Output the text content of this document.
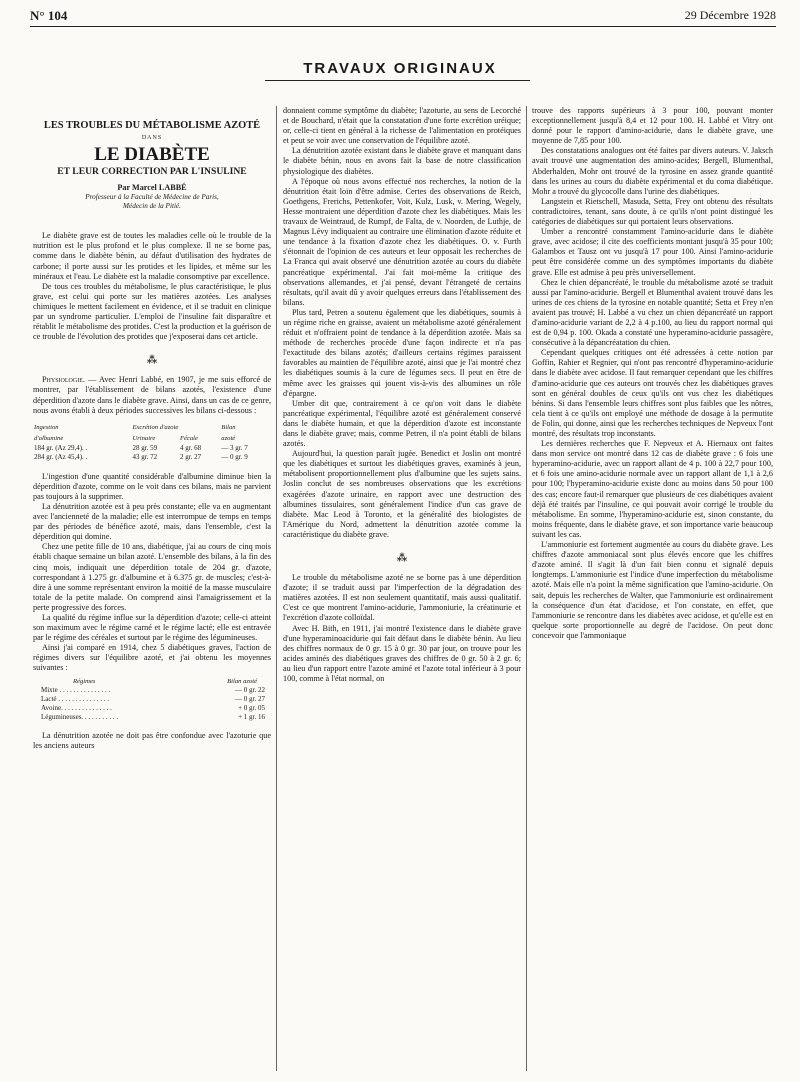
N° 104	29 Décembre 1928
TRAVAUX ORIGINAUX
LES TROUBLES DU MÉTABOLISME AZOTÉ
DANS
LE DIABÈTE
ET LEUR CORRECTION PAR L'INSULINE
Par Marcel LABBÉ
Professeur à la Faculté de Médecine de Paris,
Médecin de la Pitié.

Le diabète grave est de toutes les maladies celle où le trouble de la nutrition est le plus profond et le plus complexe. Il ne se borne pas, comme dans le diabète bénin, au défaut d'utilisation des hydrates de carbone; il porte aussi sur les protides et les lipides, et même sur les minéraux et l'eau. Le diabète est la maladie consomptive par excellence.

De tous ces troubles du métabolisme, le plus caractéristique, le plus grave, est celui qui porte sur les matières azotées. Les analyses chimiques le mettent facilement en évidence, et il se traduit en clinique par un syndrome particulier. L'emploi de l'insuline fait disparaître et rétablit le métabolisme des protides. C'est la production et la guérison de ce trouble de l'évolution des protides que j'exposerai dans cet article.

⁂

Physiologie. — Avec Henri Labbé, en 1907, je me suis efforcé de montrer, par l'établissement de bilans azotés, l'existence d'une déperdition d'azote dans le diabète grave. Ainsi, dans un cas de ce genre, nous avons établi à deux périodes successives les bilans ci-dessous :

Ingestion	Excrétion d'azote		Bilan
d'albumine	Urinaire	Fécale	azoté
184 gr. (Az 29,4). .	28 gr. 59	4 gr. 68	— 3 gr. 7
284 gr. (Az 45,4). .	43 gr. 72	2 gr. 27	— 0 gr. 9

L'ingestion d'une quantité considérable d'albumine diminue bien la déperdition d'azote, comme on le voit dans ces bilans, mais ne parvient pas toujours à la supprimer.

La dénutrition azotée est à peu près constante; elle va en augmentant avec l'ancienneté de la maladie; elle est interrompue de temps en temps par des périodes de bénéfice azoté, mais, dans l'ensemble, c'est la déperdition qui domine.

Chez une petite fille de 10 ans, diabétique, j'ai au cours de cinq mois établi chaque semaine un bilan azoté. L'ensemble des bilans, à la fin des cinq mois, indiquait une déperdition totale de 204 gr. d'azote, correspondant à 1.275 gr. d'albumine et à 6.375 gr. de muscles; c'est-à-dire à une somme représentant environ la moitié de la masse musculaire totale de la petite malade. On comprend ainsi l'amaigrissement et la perte progressive des forces.

La qualité du régime influe sur la déperdition d'azote; celle-ci atteint son maximum avec le régime carné et le régime lacté; elle est entravée par le régime des céréales et surtout par le régime des légumineuses.

Ainsi j'ai comparé en 1914, chez 5 diabétiques graves, l'action de régimes divers sur l'équilibre azoté, et j'ai obtenu les moyennes suivantes :

Régimes	Bilan azoté
Mixte . . . . . . . . . . . . . . .	— 0 gr. 22
Lacté . . . . . . . . . . . . . . .	— 0 gr. 27
Avoine. . . . . . . . . . . . . . .	+ 0 gr. 05
Légumineuses. . . . . . . . . . .	+ 1 gr. 16

La dénutrition azotée ne doit pas être confondue avec l'azoturie que les anciens auteurs

donnaient comme symptôme du diabète; l'azoturie, au sens de Lecorché et de Bouchard, n'était que la constatation d'une forte excrétion uréique; or, celle-ci tient en général à la richesse de l'alimentation en protéiques et peut se voir avec une conservation de l'équilibre azoté.

La dénutrition azotée existant dans le diabète grave et manquant dans le diabète bénin, nous en avons fait la base de notre classification physiologique des diabètes.

A l'époque où nous avons effectué nos recherches, la notion de la dénutrition était loin d'être admise. Certes des observations de Reich, Goethgens, Frerichs, Pettenkofer, Voit, Kulz, Lusk, v. Mering, Wegely, Hesse montraient une déperdition d'azote chez les diabétiques. Mais les travaux de Weintraud, de Rumpf, de Falta, de v. Noorden, de Luthje, de Magnus Lévy indiquaient au contraire une élimination d'azote réduite et une tendance à la fixation d'azote chez les diabétiques. O. v. Furth s'étonnait de l'opinion de ces auteurs et leur opposait les recherches de La Franca qui avait observé une dénutrition azotée au cours du diabète pancréatique expérimental. J'ai fait moi-même la critique des observations allemandes, et j'ai pensé, devant l'étrangeté de certains résultats, qu'il avait dû y avoir quelques erreurs dans l'établissement des bilans.

Plus tard, Petren a soutenu également que les diabétiques, soumis à un régime riche en graisse, avaient un métabolisme azoté généralement réduit et n'offraient point de tendance à la déperdition azotée. Mais sa méthode de recherches procède d'une façon indirecte et n'a pas l'exactitude des bilans azotés; d'ailleurs certains régimes paraissent favorables au maintien de l'équilibre azoté, ainsi que je l'ai montré chez les diabétiques soumis à la cure de légumes secs. Il peut en être de même avec les graisses qui jouent vis-à-vis des albumines un rôle d'épargne.

Umber dit que, contrairement à ce qu'on voit dans le diabète pancréatique expérimental, l'équilibre azoté est généralement conservé dans le diabète humain, et que la déperdition d'azote est inconstante dans le diabète grave; mais, comme Petren, il n'a point établi de bilans azotés.

Aujourd'hui, la question paraît jugée. Benedict et Joslin ont montré que les diabétiques et surtout les diabétiques graves, examinés à jeun, métabolisent proportionnellement plus d'albumine que les sujets sains. Joslin conclut de ses nombreuses observations que les excrétions exagérées d'azote urinaire, en rapport avec une destruction des albumines tissulaires, sont généralement l'indice d'un cas grave de diabète. Mac Leod à Toronto, et la généralité des biologistes de l'Amérique du Nord, admettent la dénutrition azotée comme la caractéristique du diabète grave.

⁂

Le trouble du métabolisme azoté ne se borne pas à une déperdition d'azote; il se traduit aussi par l'imperfection de la dégradation des matières azotées. Il est non seulement quantitatif, mais aussi qualitatif. C'est ce que montrent l'amino-acidurie, l'ammoniurie, la créatinurie et l'excrétion d'azote colloïdal.

Avec H. Bith, en 1911, j'ai montré l'existence dans le diabète grave d'une hyperaminoacidurie qui fait défaut dans le diabète bénin. Au lieu des chiffres normaux de 0 gr. 15 à 0 gr. 30 par jour, on trouve pour les acides aminés des diabétiques graves des chiffres de 0 gr. 50 à 2 gr. 6; au lieu d'un rapport entre l'azote aminé et l'azote total inférieur à 3 pour 100, comme à l'état normal, on

trouve des rapports supérieurs à 3 pour 100, pouvant monter exceptionnellement jusqu'à 8,4 et 12 pour 100. H. Labbé et Vitry ont donné pour le rapport d'amino-acidurie, dans le diabète grave, une moyenne de 7,85 pour 100.

Des constatations analogues ont été faites par divers auteurs. V. Jaksch avait trouvé une augmentation des amino-acides; Bergell, Blumenthal, Abderhalden, Mohr ont trouvé de la tyrosine en assez grande quantité dans les urines au cours du diabète expérimental et du coma diabétique. Mohr a trouvé du glycocolle dans l'urine des diabétiques.

Langstein et Rietschell, Masuda, Setta, Frey ont obtenu des résultats contradictoires, tenant, sans doute, à ce qu'ils n'ont point distingué les catégories de diabétiques sur qui portaient leurs observations.

Umber a rencontré constamment l'amino-acidurie dans le diabète grave, avec acidose; il cite des coefficients montant jusqu'à 35 pour 100; Galambos et Tausz ont vu jusqu'à 17 pour 100. Ainsi l'amino-acidurie peut être considérée comme un des symptômes importants du diabète grave. Elle est admise à peu près universellement.

Chez le chien dépancréaté, le trouble du métabolisme azoté se traduit aussi par l'amino-acidurie. Bergell et Blumenthal avaient trouvé dans les urines de ces chiens de la tyrosine en notable quantité; Setta et Frey n'en avaient pas trouvé; H. Labbé a vu chez un chien dépancréaté un rapport d'amino-acidurie variant de 2,2 à 4 p.100, au lieu du rapport normal qui est de 0,94 p. 100. Okada a constaté une hyperamino-acidurie passagère, consécutive à la dépancréatation du chien.

Cependant quelques critiques ont été adressées à cette notion par Goffin, Rahier et Regnier, qui n'ont pas rencontré d'hyperamino-acidurie dans le diabète avec acidose. Il faut remarquer cependant que les chiffres d'amino-acidurie que ces auteurs ont trouvés chez les diabétiques graves sont en général doubles de ceux qu'ils ont vus chez les diabétiques bénins. Si dans l'ensemble leurs chiffres sont plus faibles que les nôtres, cela tient à ce qu'ils ont employé une méthode de dosage à la permutite de Folin, qui donne, ainsi que les recherches techniques de Nepveux l'ont montré, des résultats trop inconstants.

Les dernières recherches que F. Nepveux et A. Hiernaux ont faites dans mon service ont montré dans 12 cas de diabète grave : 6 fois une hyperamino-acidurie, avec un rapport allant de 4 p. 100 à 22,7 pour 100, et 6 fois une amino-acidurie normale avec un rapport allant de 1,1 à 2,6 pour 100; l'hyperamino-acidurie existe donc au moins dans 50 pour 100 des cas; encore faut-il remarquer que plusieurs de ces diabétiques avaient déjà été traités par l'insuline, ce qui pouvait avoir corrigé le trouble du métabolisme. En somme, l'hyperamino-acidurie est, sinon constante, du moins fréquente, dans le diabète grave, et son importance varie beaucoup suivant les cas.

L'ammoniurie est fortement augmentée au cours du diabète grave. Les chiffres d'azote ammoniacal sont plus élevés encore que les chiffres d'azote aminé. Il s'agit là d'un fait bien connu et signalé depuis longtemps. L'ammoniurie est l'indice d'une imperfection du métabolisme azoté. Mais elle n'a point la même signification que l'amino-acidurie. On sait, depuis les recherches de Walter, que l'ammoniurie est ordinairement la conséquence d'un état d'acidose, et l'on constate, en effet, que l'ammoniurie se rencontre dans les diabètes avec acidose, et qu'elle est en quelque sorte proportionnelle au degré de l'acidose. On peut donc concevoir que l'ammoniaque
